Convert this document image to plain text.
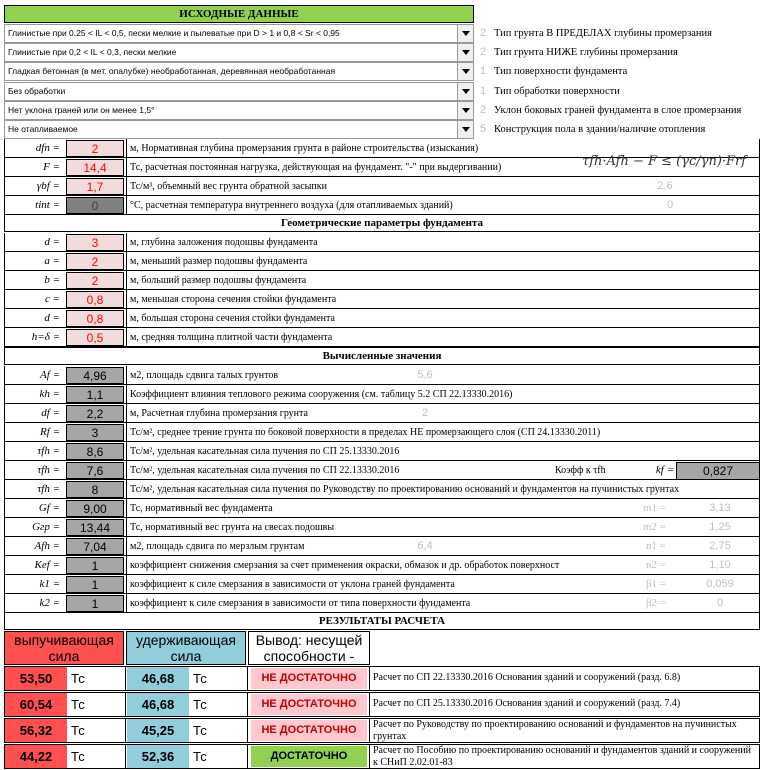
ИСХОДНЫЕ ДАННЫЕ
Глинистые при 0,25 < IL < 0,5, пески мелкие и пылеватые при D > 1 и 0,8 < Sr < 0,95	2 Тип грунта В ПРЕДЕЛАХ глубины промерзания
Глинистые при 0,2 < IL < 0,3, пески мелкие	2 Тип грунта НИЖЕ глубины промерзания
Гладкая бетонная (в мет. опалубке) необработанная, деревянная необработанная	1 Тип поверхности фундамента
Без обработки	1 Тип обработки поверхности
Нет уклона граней или он менее 1,5°	2 Уклон боковых граней фундамента в слое промерзания
Не отапливаемое	5 Конструкция пола в здании/наличие отопления
dfn =	2	м, Нормативная глубина промерзания грунта в районе строительства (изыскания)
F =	14,4	Тс, расчетная постоянная нагрузка, действующая на фундамент. "-" при выдергивании)
γbf =	1,7	Тс/м³, объемный вес грунта обратной засыпки	2,6
tint =	0	°С, расчетная температура внутреннего воздуха (для отапливаемых зданий)	0
τfh·Afh − F ≤ (γc/γn)·Frf
Геометрические параметры фундамента
d =	3	м, глубина заложения подошвы фундамента
a =	2	м, меньший размер подошвы фундамента
b =	2	м, больший размер подошвы фундамента
c =	0,8	м, меньшая сторона сечения стойки фундамента
d =	0,8	м, большая сторона сечения стойки фундамента
h=δ =	0,5	м, средняя толщина плитной части фундамента
Вычисленные значения
Af =	4,96	м2, площадь сдвига талых грунтов	5,6
kh =	1,1	Коэффициент влияния теплового режима сооружения (см. таблицу 5.2 СП 22.13330.2016)
df =	2,2	м, Расчетная глубина промерзания грунта	2
Rf =	3	Тс/м², среднее трение грунта по боковой поверхности в пределах НЕ промерзающего слоя (СП 24.13330.2011)
τfh =	8,6	Тс/м², удельная касательная сила пучения по СП 25.13330.2016
τfh =	7,6	Тс/м², удельная касательная сила пучения по СП 22.13330.2016
τfh =	8	Тс/м², удельная касательная сила пучения по Руководству по проектированию оснований и фундаментов на пучинистых грунтах
Gf =	9,00	Тс, нормативный вес фундамента	m1 =	3,13
Gгр =	13,44	Тс, нормативный вес грунта на свесах подошвы	m2 =	1,25
Afh =	7,04	м2, площадь сдвига по мерзлым грунтам	6,4	n1 =	2,75
Kef =	1	коэффициент снижения смерзания за счет применения окраски, обмазок и др. обработок поверхност	n2 =	1,10
k1 =	1	коэффициент к силе смерзания в зависимости от уклона граней фундамента	β1 =	0,059
k2 =	1	коэффициент к силе смерзания в зависимости от типа поверхности фундамента	β2 =	0
Коэфф к τfh	kf =	0,827
РЕЗУЛЬТАТЫ РАСЧЕТА
выпучивающая сила
удерживающая сила
Вывод: несущей способности -
53,50	Тс	46,68	Тс	НЕ ДОСТАТОЧНО	Расчет по СП 22.13330.2016 Основания зданий и сооружений (разд. 6.8)
60,54	Тс	46,68	Тс	НЕ ДОСТАТОЧНО	Расчет по СП 25.13330.2016 Основания зданий и сооружений (разд. 7.4)
56,32	Тс	45,25	Тс	НЕ ДОСТАТОЧНО	Расчет по Руководству по проектированию оснований и фундаментов на пучинистых грунтах
44,22	Тс	52,36	Тс	ДОСТАТОЧНО	Расчет по Пособию по проектированию оснований и фундаментов зданий и сооружений к СНиП 2.02.01-83
